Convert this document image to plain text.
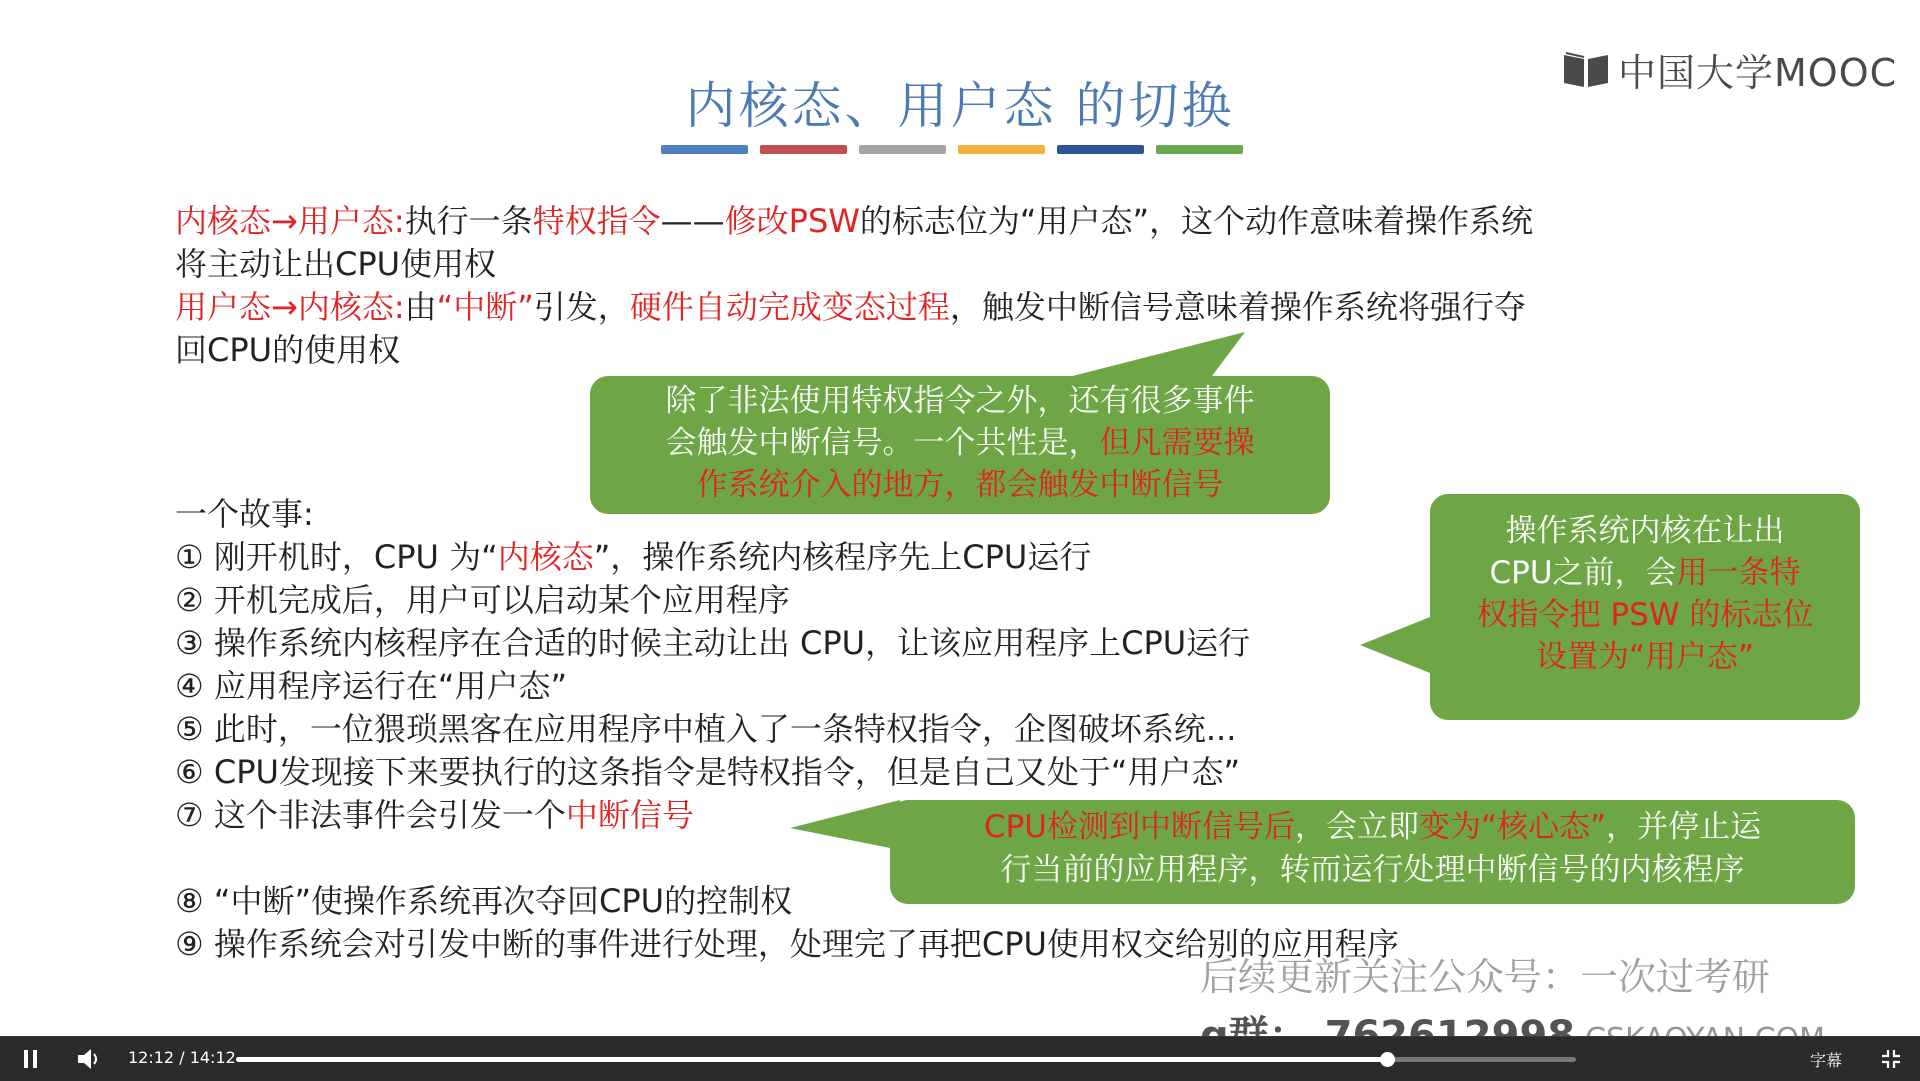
中国大学MOOC
内核态、用户态 的切换
内核态→用户态:执行一条特权指令——修改PSW的标志位为“用户态”，这个动作意味着操作系统
将主动让出CPU使用权
用户态→内核态:由“中断”引发，硬件自动完成变态过程，触发中断信号意味着操作系统将强行夺
回CPU的使用权
一个故事:
① 刚开机时，CPU 为“内核态”，操作系统内核程序先上CPU运行
② 开机完成后，用户可以启动某个应用程序
③ 操作系统内核程序在合适的时候主动让出 CPU，让该应用程序上CPU运行
④ 应用程序运行在“用户态”
⑤ 此时，一位猥琐黑客在应用程序中植入了一条特权指令，企图破坏系统...
⑥ CPU发现接下来要执行的这条指令是特权指令，但是自己又处于“用户态”
⑦ 这个非法事件会引发一个中断信号
⑧ “中断”使操作系统再次夺回CPU的控制权
⑨ 操作系统会对引发中断的事件进行处理，处理完了再把CPU使用权交给别的应用程序
除了非法使用特权指令之外，还有很多事件
会触发中断信号。一个共性是，但凡需要操
作系统介入的地方，都会触发中断信号
操作系统内核在让出
CPU之前，会用一条特
权指令把 PSW 的标志位
设置为“用户态”
CPU检测到中断信号后，会立即变为“核心态”，并停止运
行当前的应用程序，转而运行处理中断信号的内核程序
后续更新关注公众号：一次过考研
12:12 / 14:12	字幕
